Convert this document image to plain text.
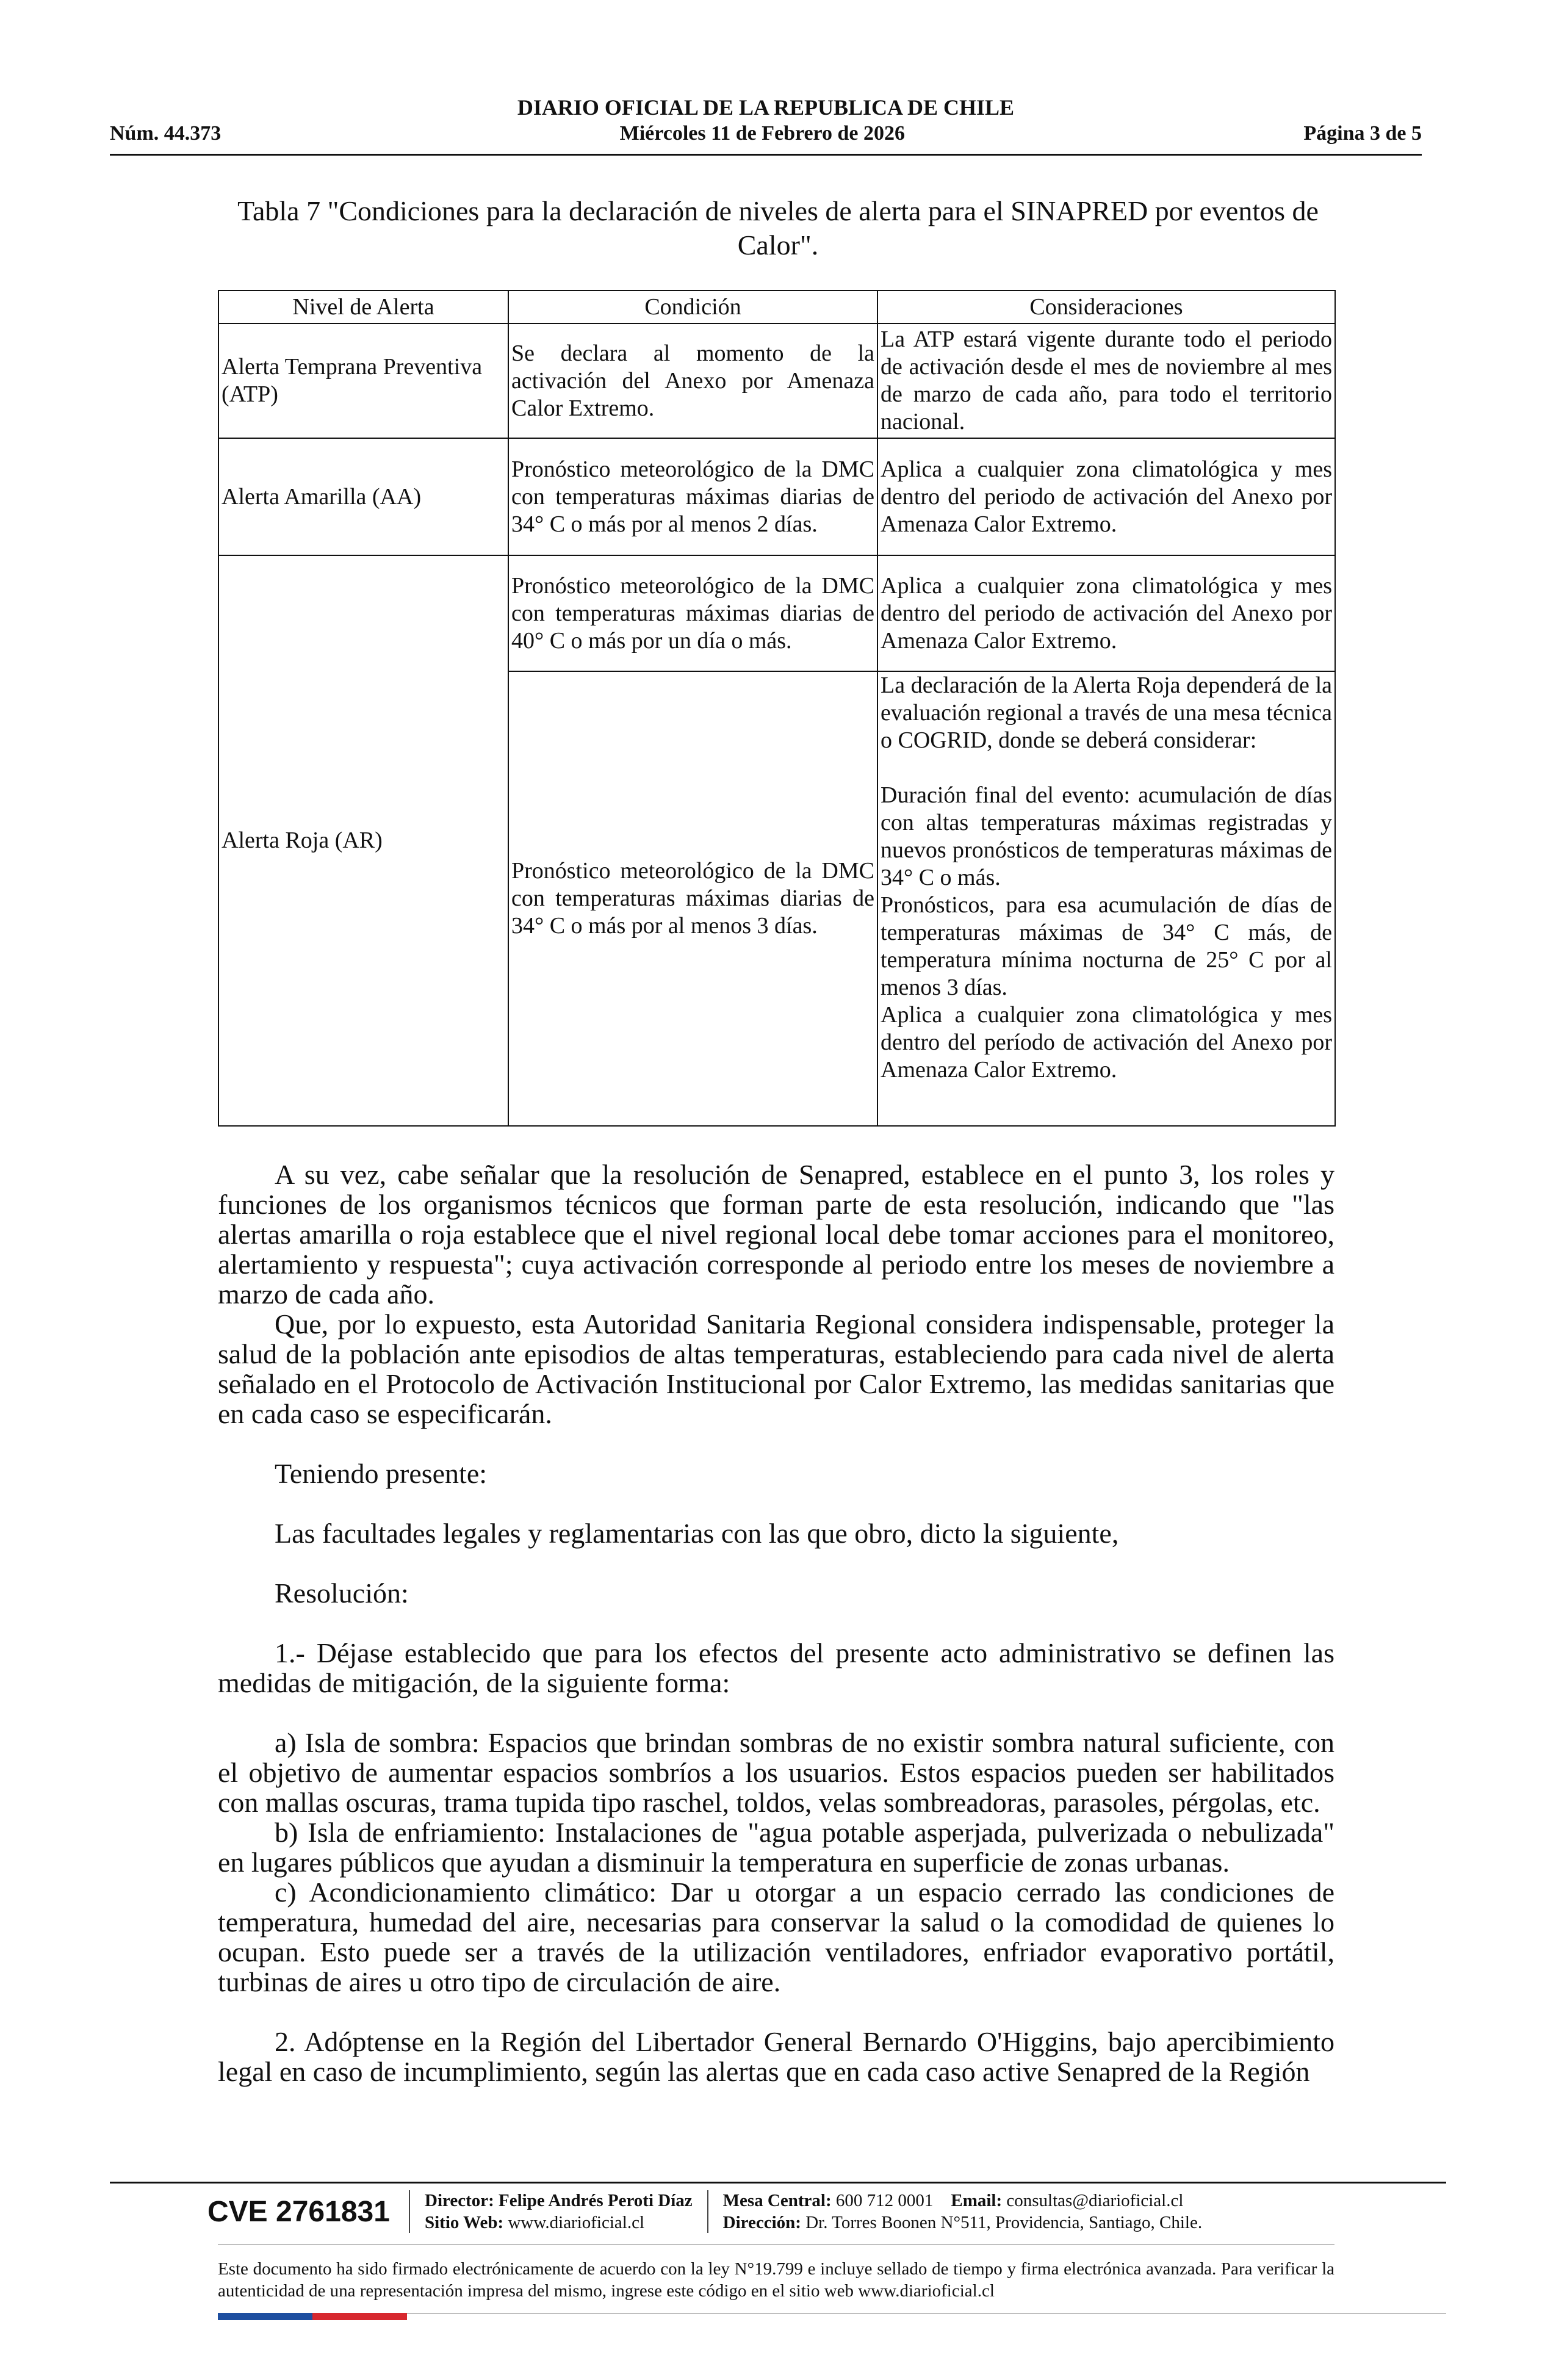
DIARIO OFICIAL DE LA REPUBLICA DE CHILE
Núm. 44.373	Miércoles 11 de Febrero de 2026	Página 3 de 5
Tabla 7 "Condiciones para la declaración de niveles de alerta para el SINAPRED por eventos de Calor".
Nivel de Alerta	Condición	Consideraciones
Alerta Temprana Preventiva (ATP)	Se declara al momento de la activación del Anexo por Amenaza Calor Extremo.	La ATP estará vigente durante todo el periodo de activación desde el mes de noviembre al mes de marzo de cada año, para todo el territorio nacional.
Alerta Amarilla (AA)	Pronóstico meteorológico de la DMC con temperaturas máximas diarias de 34° C o más por al menos 2 días.	Aplica a cualquier zona climatológica y mes dentro del periodo de activación del Anexo por Amenaza Calor Extremo.
Alerta Roja (AR)	Pronóstico meteorológico de la DMC con temperaturas máximas diarias de 40° C o más por un día o más.	Aplica a cualquier zona climatológica y mes dentro del periodo de activación del Anexo por Amenaza Calor Extremo.
	Pronóstico meteorológico de la DMC con temperaturas máximas diarias de 34° C o más por al menos 3 días.	La declaración de la Alerta Roja dependerá de la evaluación regional a través de una mesa técnica o COGRID, donde se deberá considerar:
Duración final del evento: acumulación de días con altas temperaturas máximas registradas y nuevos pronósticos de temperaturas máximas de 34° C o más.
Pronósticos, para esa acumulación de días de temperaturas máximas de 34° C más, de temperatura mínima nocturna de 25° C por al menos 3 días.
Aplica a cualquier zona climatológica y mes dentro del período de activación del Anexo por Amenaza Calor Extremo.

A su vez, cabe señalar que la resolución de Senapred, establece en el punto 3, los roles y funciones de los organismos técnicos que forman parte de esta resolución, indicando que "las alertas amarilla o roja establece que el nivel regional local debe tomar acciones para el monitoreo, alertamiento y respuesta"; cuya activación corresponde al periodo entre los meses de noviembre a marzo de cada año.

Que, por lo expuesto, esta Autoridad Sanitaria Regional considera indispensable, proteger la salud de la población ante episodios de altas temperaturas, estableciendo para cada nivel de alerta señalado en el Protocolo de Activación Institucional por Calor Extremo, las medidas sanitarias que en cada caso se especificarán.

Teniendo presente:

Las facultades legales y reglamentarias con las que obro, dicto la siguiente,

Resolución:

1.- Déjase establecido que para los efectos del presente acto administrativo se definen las medidas de mitigación, de la siguiente forma:

a) Isla de sombra: Espacios que brindan sombras de no existir sombra natural suficiente, con el objetivo de aumentar espacios sombríos a los usuarios. Estos espacios pueden ser habilitados con mallas oscuras, trama tupida tipo raschel, toldos, velas sombreadoras, parasoles, pérgolas, etc.

b) Isla de enfriamiento: Instalaciones de "agua potable asperjada, pulverizada o nebulizada" en lugares públicos que ayudan a disminuir la temperatura en superficie de zonas urbanas.

c) Acondicionamiento climático: Dar u otorgar a un espacio cerrado las condiciones de temperatura, humedad del aire, necesarias para conservar la salud o la comodidad de quienes lo ocupan. Esto puede ser a través de la utilización ventiladores, enfriador evaporativo portátil, turbinas de aires u otro tipo de circulación de aire.

2. Adóptense en la Región del Libertador General Bernardo O'Higgins, bajo apercibimiento legal en caso de incumplimiento, según las alertas que en cada caso active Senapred de la Región

CVE 2761831	Director: Felipe Andrés Peroti Díaz
Sitio Web: www.diarioficial.cl
Mesa Central: 600 712 0001 Email: consultas@diarioficial.cl
Dirección: Dr. Torres Boonen N°511, Providencia, Santiago, Chile.
Este documento ha sido firmado electrónicamente de acuerdo con la ley N°19.799 e incluye sellado de tiempo y firma electrónica avanzada. Para verificar la autenticidad de una representación impresa del mismo, ingrese este código en el sitio web www.diarioficial.cl
